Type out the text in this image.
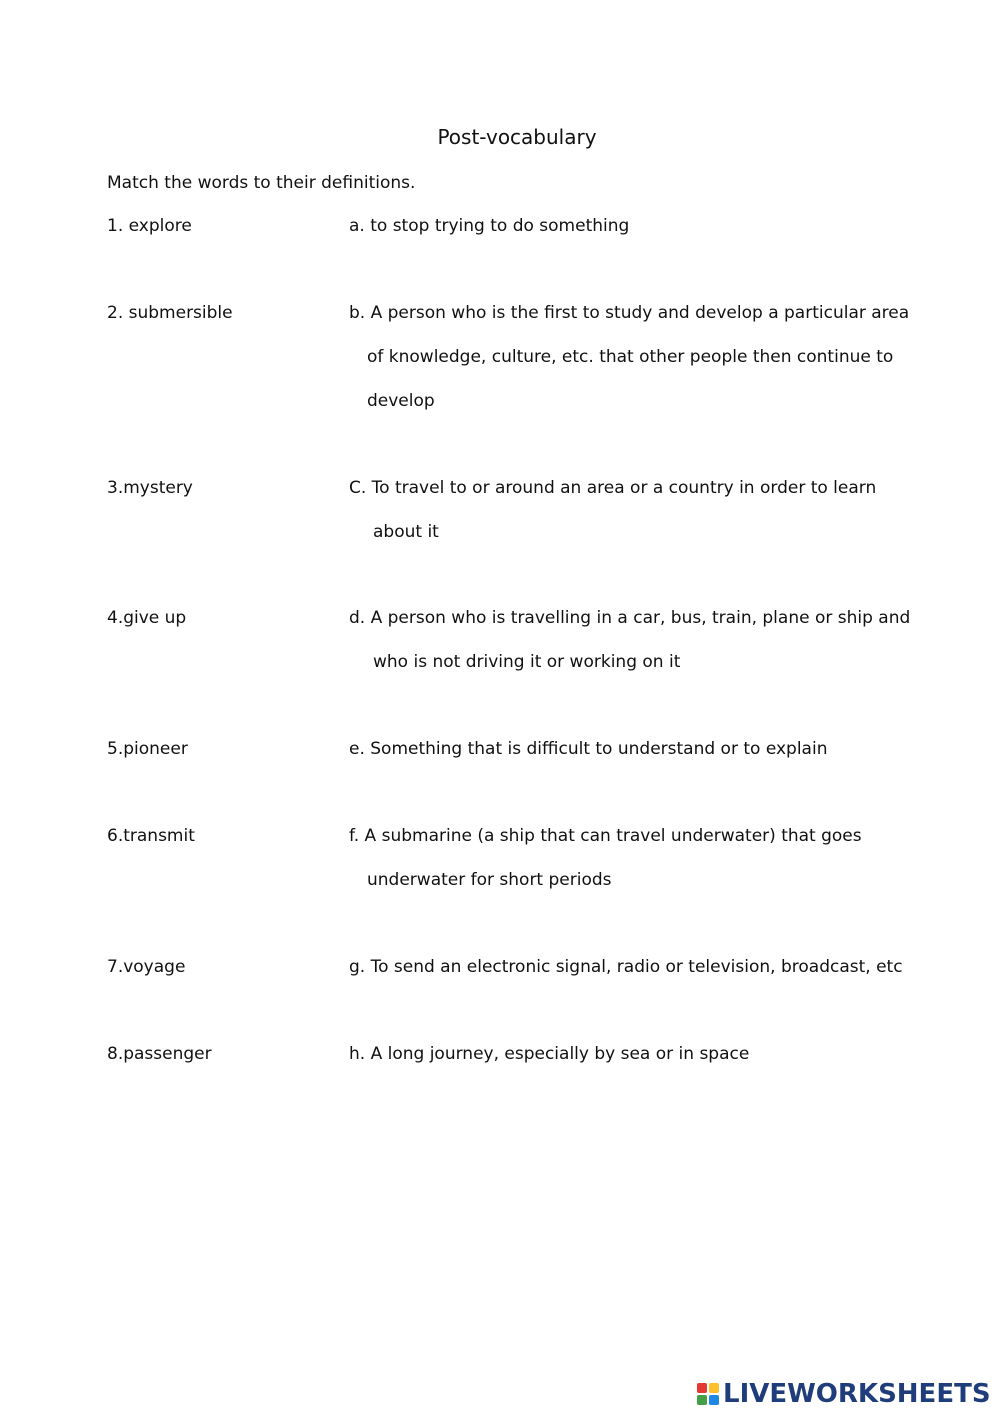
Post-vocabulary
Match the words to their definitions.
1. explore	a. to stop trying to do something
2. submersible	b. A person who is the first to study and develop a particular area
of knowledge, culture, etc. that other people then continue to
develop
3.mystery	C. To travel to or around an area or a country in order to learn
about it
4.give up	d. A person who is travelling in a car, bus, train, plane or ship and
who is not driving it or working on it
5.pioneer	e. Something that is difficult to understand or to explain
6.transmit	f. A submarine (a ship that can travel underwater) that goes
underwater for short periods
7.voyage	g. To send an electronic signal, radio or television, broadcast, etc
8.passenger	h. A long journey, especially by sea or in space
LIVEWORKSHEETS
